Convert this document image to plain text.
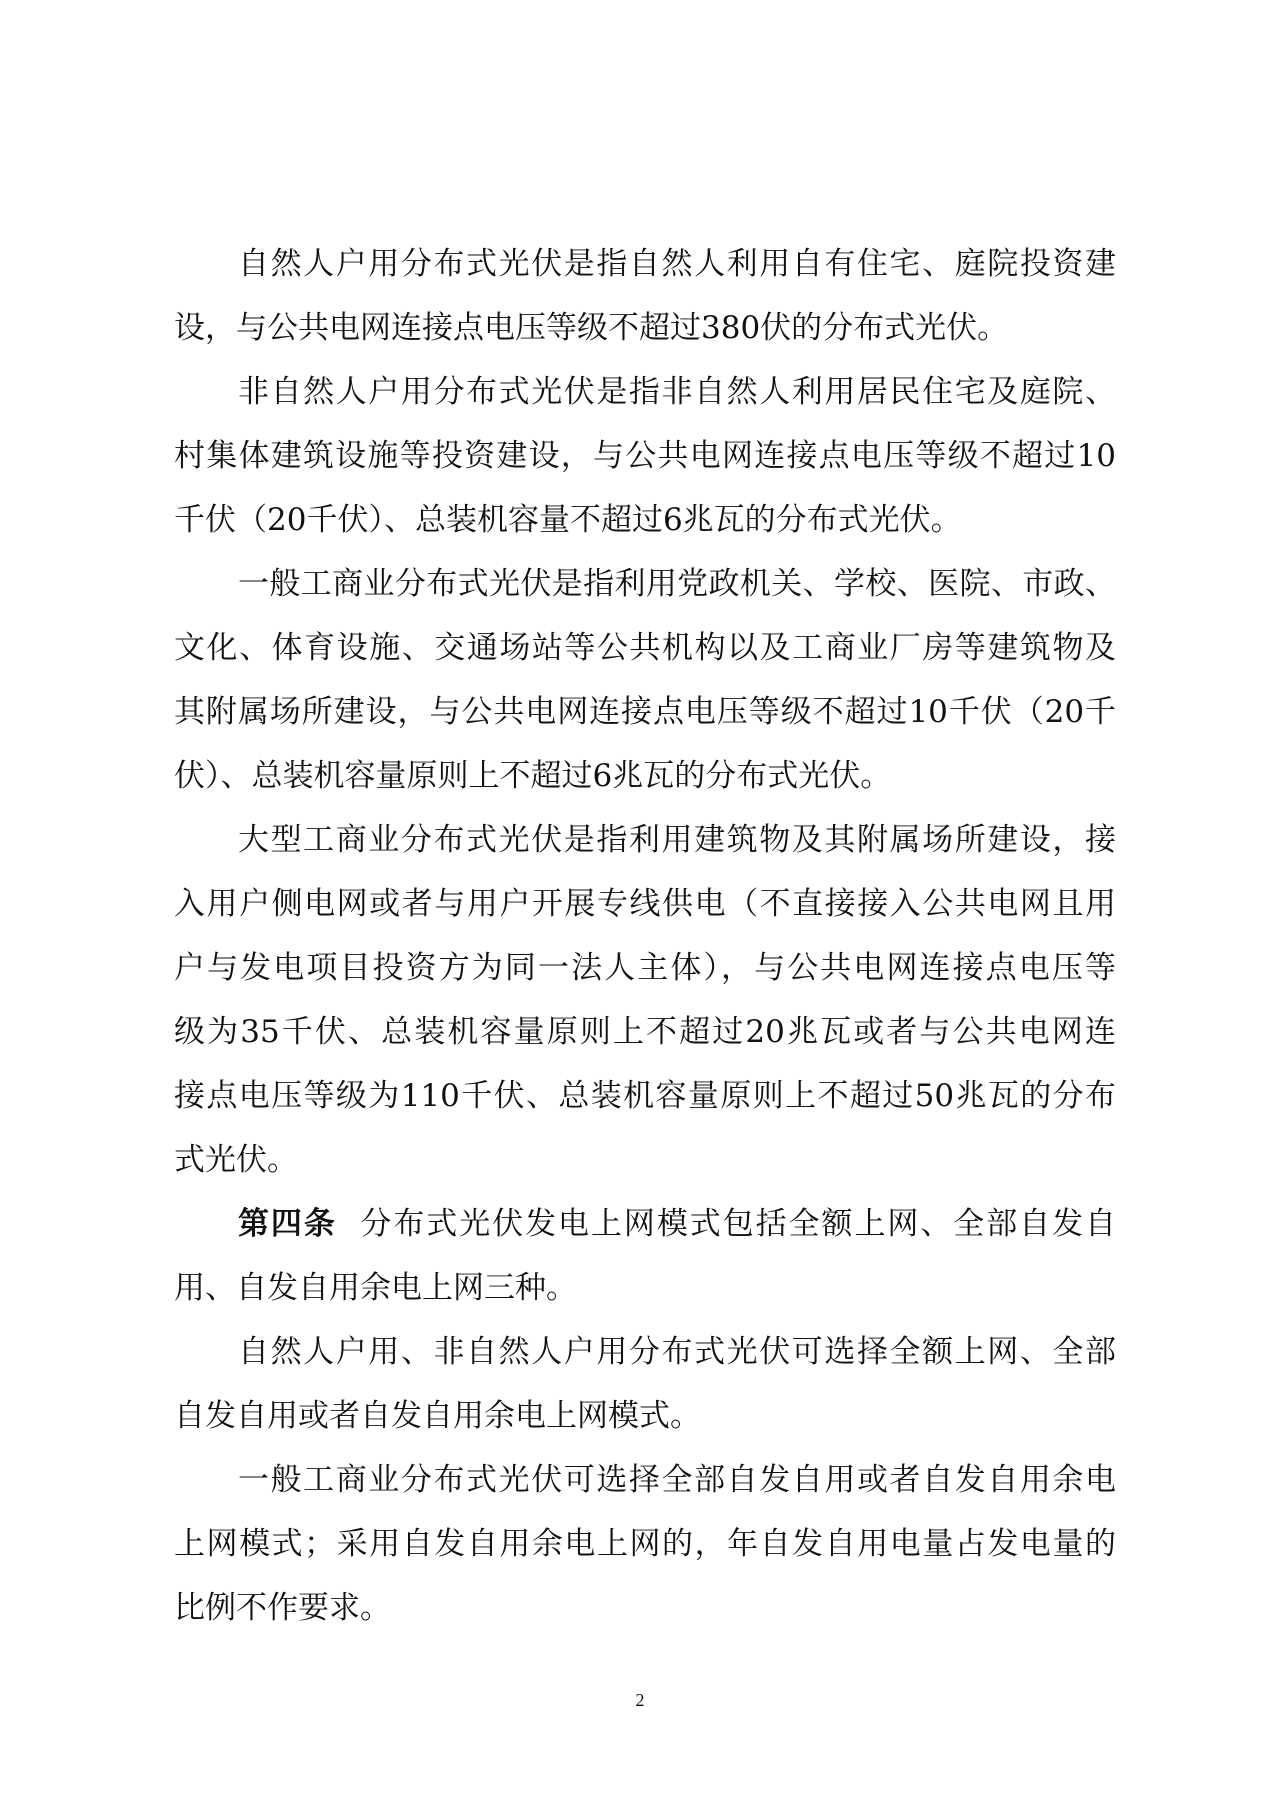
自然人户用分布式光伏是指自然人利用自有住宅、庭院投资建
设，与公共电网连接点电压等级不超过380伏的分布式光伏。
非自然人户用分布式光伏是指非自然人利用居民住宅及庭院、
村集体建筑设施等投资建设，与公共电网连接点电压等级不超过10
千伏（20千伏）、总装机容量不超过6兆瓦的分布式光伏。
一般工商业分布式光伏是指利用党政机关、学校、医院、市政、
文化、体育设施、交通场站等公共机构以及工商业厂房等建筑物及
其附属场所建设，与公共电网连接点电压等级不超过10千伏（20千
伏）、总装机容量原则上不超过6兆瓦的分布式光伏。
大型工商业分布式光伏是指利用建筑物及其附属场所建设，接
入用户侧电网或者与用户开展专线供电（不直接接入公共电网且用
户与发电项目投资方为同一法人主体），与公共电网连接点电压等
级为35千伏、总装机容量原则上不超过20兆瓦或者与公共电网连
接点电压等级为110千伏、总装机容量原则上不超过50兆瓦的分布
式光伏。
第四条 分布式光伏发电上网模式包括全额上网、全部自发自
用、自发自用余电上网三种。
自然人户用、非自然人户用分布式光伏可选择全额上网、全部
自发自用或者自发自用余电上网模式。
一般工商业分布式光伏可选择全部自发自用或者自发自用余电
上网模式；采用自发自用余电上网的，年自发自用电量占发电量的
比例不作要求。
2
